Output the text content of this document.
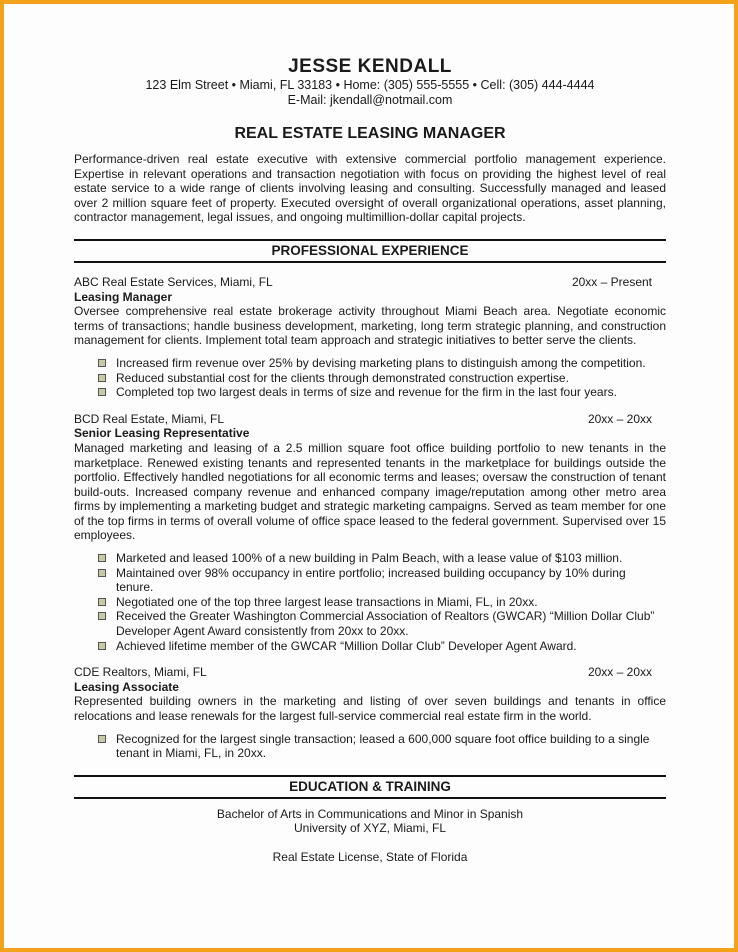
JESSE KENDALL
123 Elm Street • Miami, FL 33183 • Home: (305) 555-5555 • Cell: (305) 444-4444
E-Mail: jkendall@notmail.com
REAL ESTATE LEASING MANAGER
Performance-driven real estate executive with extensive commercial portfolio management experience. Expertise in relevant operations and transaction negotiation with focus on providing the highest level of real estate service to a wide range of clients involving leasing and consulting. Successfully managed and leased over 2 million square feet of property. Executed oversight of overall organizational operations, asset planning, contractor management, legal issues, and ongoing multimillion-dollar capital projects.
PROFESSIONAL EXPERIENCE
ABC Real Estate Services, Miami, FL	20xx – Present
Leasing Manager
Oversee comprehensive real estate brokerage activity throughout Miami Beach area. Negotiate economic terms of transactions; handle business development, marketing, long term strategic planning, and construction management for clients. Implement total team approach and strategic initiatives to better serve the clients.
Increased firm revenue over 25% by devising marketing plans to distinguish among the competition.
Reduced substantial cost for the clients through demonstrated construction expertise.
Completed top two largest deals in terms of size and revenue for the firm in the last four years.
BCD Real Estate, Miami, FL	20xx – 20xx
Senior Leasing Representative
Managed marketing and leasing of a 2.5 million square foot office building portfolio to new tenants in the marketplace. Renewed existing tenants and represented tenants in the marketplace for buildings outside the portfolio. Effectively handled negotiations for all economic terms and leases; oversaw the construction of tenant build-outs. Increased company revenue and enhanced company image/reputation among other metro area firms by implementing a marketing budget and strategic marketing campaigns. Served as team member for one of the top firms in terms of overall volume of office space leased to the federal government. Supervised over 15 employees.
Marketed and leased 100% of a new building in Palm Beach, with a lease value of $103 million.
Maintained over 98% occupancy in entire portfolio; increased building occupancy by 10% during tenure.
Negotiated one of the top three largest lease transactions in Miami, FL, in 20xx.
Received the Greater Washington Commercial Association of Realtors (GWCAR) “Million Dollar Club” Developer Agent Award consistently from 20xx to 20xx.
Achieved lifetime member of the GWCAR “Million Dollar Club” Developer Agent Award.
CDE Realtors, Miami, FL	20xx – 20xx
Leasing Associate
Represented building owners in the marketing and listing of over seven buildings and tenants in office relocations and lease renewals for the largest full-service commercial real estate firm in the world.
Recognized for the largest single transaction; leased a 600,000 square foot office building to a single tenant in Miami, FL, in 20xx.
EDUCATION & TRAINING
Bachelor of Arts in Communications and Minor in Spanish
University of XYZ, Miami, FL
Real Estate License, State of Florida
